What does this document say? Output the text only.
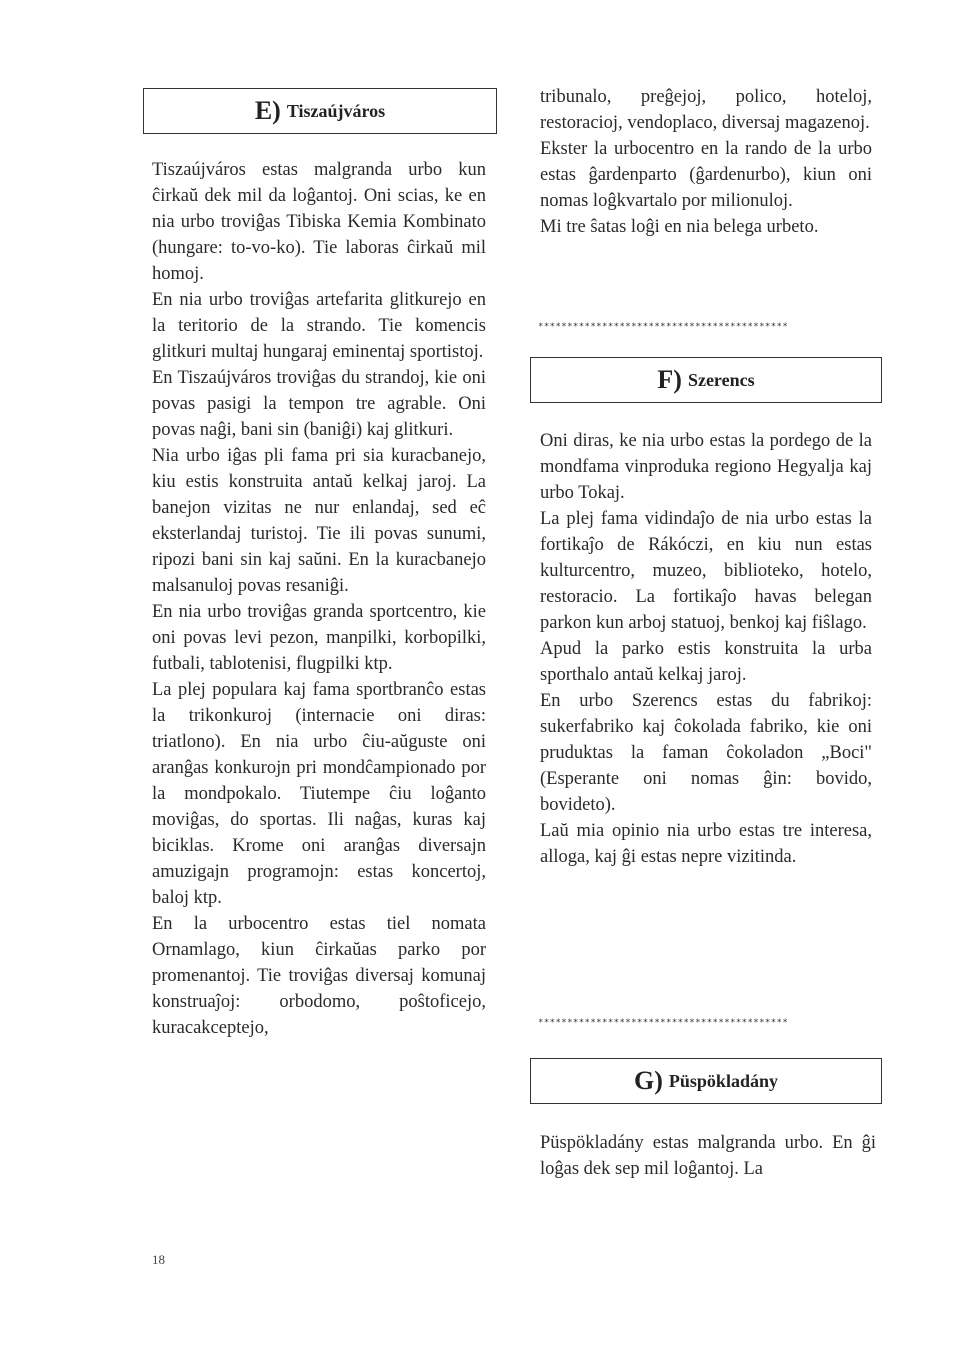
E) Tiszaújváros

Tiszaújváros estas malgranda urbo kun ĉirkaŭ dek mil da loĝantoj. Oni scias, ke en nia urbo troviĝas Tibiska Kemia Kombinato (hungare: to-vo-ko). Tie laboras ĉirkaŭ mil homoj.

En nia urbo troviĝas artefarita glitkurejo en la teritorio de la strando. Tie komencis glitkuri multaj hungaraj eminentaj sportistoj.

En Tiszaújváros troviĝas du strandoj, kie oni povas pasigi la tempon tre agrable. Oni povas naĝi, bani sin (baniĝi) kaj glitkuri.

Nia urbo iĝas pli fama pri sia kuracbanejo, kiu estis konstruita antaŭ kelkaj jaroj. La banejon vizitas ne nur enlandaj, sed eĉ eksterlandaj turistoj. Tie ili povas sunumi, ripozi bani sin kaj saŭni. En la kuracbanejo malsanuloj povas resaniĝi.

En nia urbo troviĝas granda sportcentro, kie oni povas levi pezon, manpilki, korbopilki, futbali, tablotenisi, flugpilki ktp.

La plej populara kaj fama sportbranĉo estas la trikonkuroj (internacie oni diras: triatlono). En nia urbo ĉiu-aŭguste oni aranĝas konkurojn pri mondĉampionado por la mondpokalo. Tiutempe ĉiu loĝanto moviĝas, do sportas. Ili naĝas, kuras kaj biciklas. Krome oni aranĝas diversajn amuzigajn programojn: estas koncertoj, baloj ktp.

En la urbocentro estas tiel nomata Ornamlago, kiun ĉirkaŭas parko por promenantoj. Tie troviĝas diversaj komunaj konstruaĵoj: orbodomo, poŝtoficejo, kuracakceptejo,

tribunalo, preĝejoj, polico, hoteloj, restoracioj, vendoplaco, diversaj magazenoj.

Ekster la urbocentro en la rando de la urbo estas ĝardenparto (ĝardenurbo), kiun oni nomas loĝkvartalo por milionuloj.

Mi tre ŝatas loĝi en nia belega urbeto.

*******************************************
F) Szerencs

Oni diras, ke nia urbo estas la pordego de la mondfama vinproduka regiono Hegyalja kaj urbo Tokaj.

La plej fama vidindaĵo de nia urbo estas la fortikaĵo de Rákóczi, en kiu nun estas kulturcentro, muzeo, biblioteko, hotelo, restoracio. La fortikaĵo havas belegan parkon kun arboj statuoj, benkoj kaj fiŝlago.

Apud la parko estis konstruita la urba sporthalo antaŭ kelkaj jaroj.

En urbo Szerencs estas du fabrikoj: sukerfabriko kaj ĉokolada fabriko, kie oni pruduktas la faman ĉokoladon „Boci" (Esperante oni nomas ĝin: bovido, bovideto).

Laŭ mia opinio nia urbo estas tre interesa, alloga, kaj ĝi estas nepre vizitinda.

*******************************************
G) Püspökladány

Püspökladány estas malgranda urbo. En ĝi loĝas dek sep mil loĝantoj. La

18
